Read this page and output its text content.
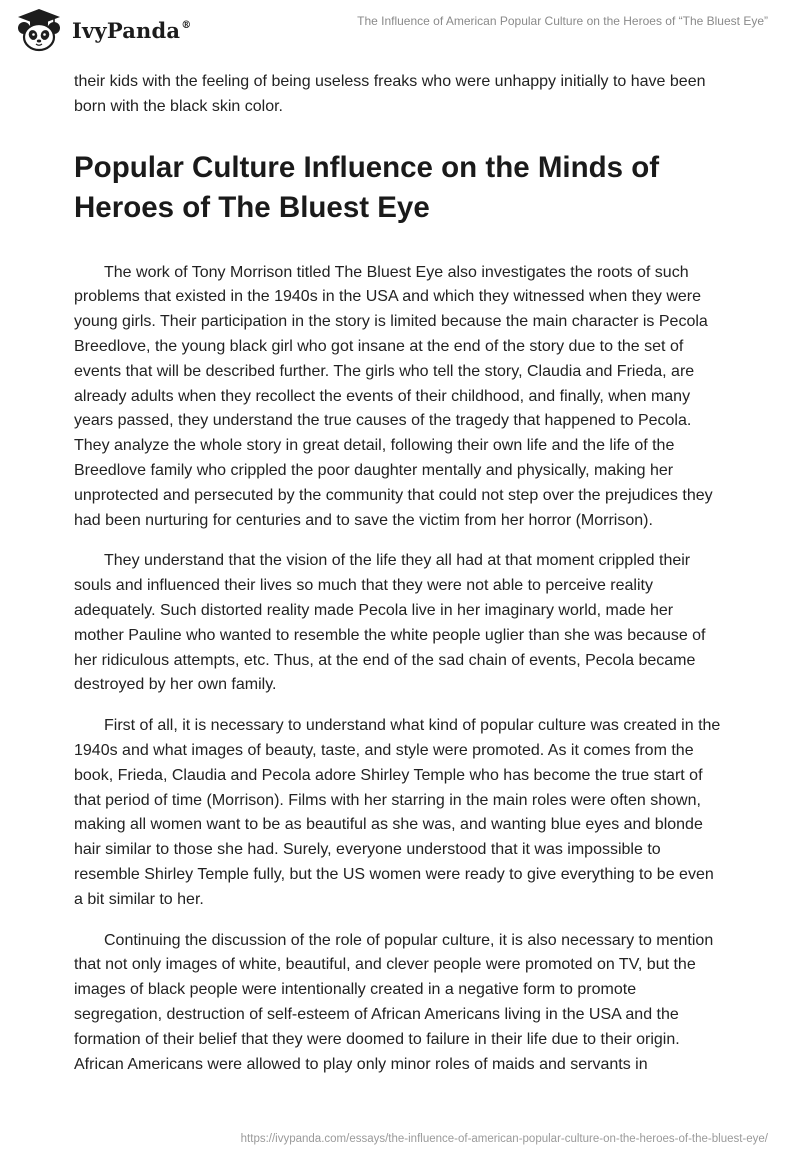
IvyPanda®	The Influence of American Popular Culture on the Heroes of “The Bluest Eye”

their kids with the feeling of being useless freaks who were unhappy initially to have been born with the black skin color.

Popular Culture Influence on the Minds of Heroes of The Bluest Eye

The work of Tony Morrison titled The Bluest Eye also investigates the roots of such problems that existed in the 1940s in the USA and which they witnessed when they were young girls. Their participation in the story is limited because the main character is Pecola Breedlove, the young black girl who got insane at the end of the story due to the set of events that will be described further. The girls who tell the story, Claudia and Frieda, are already adults when they recollect the events of their childhood, and finally, when many years passed, they understand the true causes of the tragedy that happened to Pecola. They analyze the whole story in great detail, following their own life and the life of the Breedlove family who crippled the poor daughter mentally and physically, making her unprotected and persecuted by the community that could not step over the prejudices they had been nurturing for centuries and to save the victim from her horror (Morrison).

They understand that the vision of the life they all had at that moment crippled their souls and influenced their lives so much that they were not able to perceive reality adequately. Such distorted reality made Pecola live in her imaginary world, made her mother Pauline who wanted to resemble the white people uglier than she was because of her ridiculous attempts, etc. Thus, at the end of the sad chain of events, Pecola became destroyed by her own family.

First of all, it is necessary to understand what kind of popular culture was created in the 1940s and what images of beauty, taste, and style were promoted. As it comes from the book, Frieda, Claudia and Pecola adore Shirley Temple who has become the true start of that period of time (Morrison). Films with her starring in the main roles were often shown, making all women want to be as beautiful as she was, and wanting blue eyes and blonde hair similar to those she had. Surely, everyone understood that it was impossible to resemble Shirley Temple fully, but the US women were ready to give everything to be even a bit similar to her.

Continuing the discussion of the role of popular culture, it is also necessary to mention that not only images of white, beautiful, and clever people were promoted on TV, but the images of black people were intentionally created in a negative form to promote segregation, destruction of self-esteem of African Americans living in the USA and the formation of their belief that they were doomed to failure in their life due to their origin. African Americans were allowed to play only minor roles of maids and servants in

https://ivypanda.com/essays/the-influence-of-american-popular-culture-on-the-heroes-of-the-bluest-eye/
